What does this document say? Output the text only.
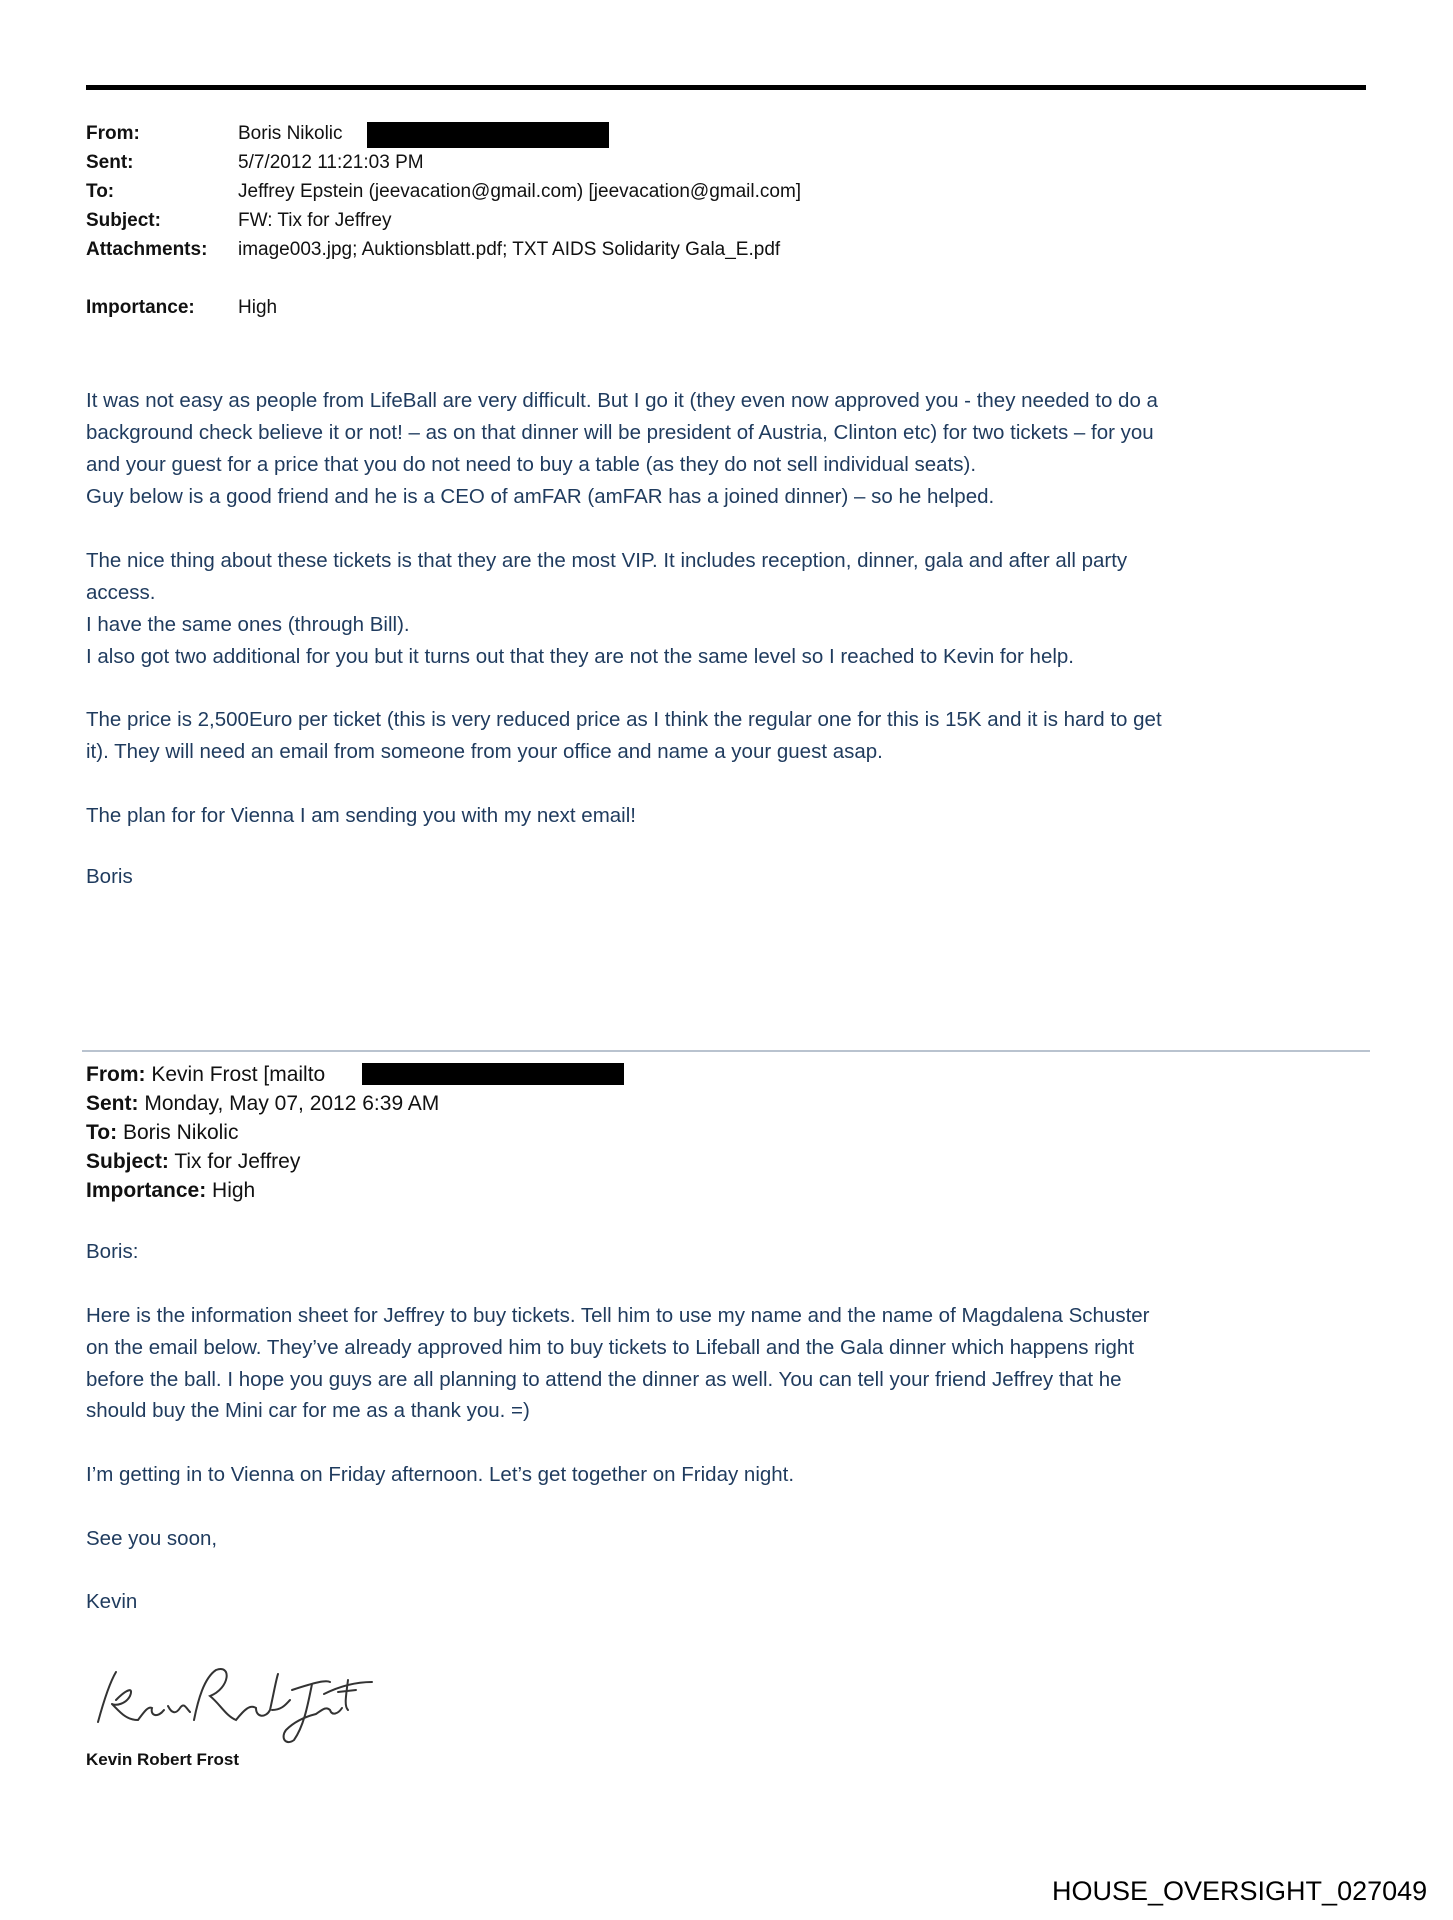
From:	Boris Nikolic
Sent:	5/7/2012 11:21:03 PM
To:	Jeffrey Epstein (jeevacation@gmail.com) [jeevacation@gmail.com]
Subject:	FW: Tix for Jeffrey
Attachments: image003.jpg; Auktionsblatt.pdf; TXT AIDS Solidarity Gala_E.pdf
Importance: High
It was not easy as people from LifeBall are very difficult. But I go it (they even now approved you - they needed to do a
background check believe it or not! – as on that dinner will be president of Austria, Clinton etc) for two tickets – for you
and your guest for a price that you do not need to buy a table (as they do not sell individual seats).
Guy below is a good friend and he is a CEO of amFAR (amFAR has a joined dinner) – so he helped.
The nice thing about these tickets is that they are the most VIP. It includes reception, dinner, gala and after all party
access.
I have the same ones (through Bill).
I also got two additional for you but it turns out that they are not the same level so I reached to Kevin for help.
The price is 2,500Euro per ticket (this is very reduced price as I think the regular one for this is 15K and it is hard to get
it). They will need an email from someone from your office and name a your guest asap.
The plan for for Vienna I am sending you with my next email!
Boris
From: Kevin Frost [mailto
Sent: Monday, May 07, 2012 6:39 AM
To: Boris Nikolic
Subject: Tix for Jeffrey
Importance: High
Boris:
Here is the information sheet for Jeffrey to buy tickets. Tell him to use my name and the name of Magdalena Schuster
on the email below. They’ve already approved him to buy tickets to Lifeball and the Gala dinner which happens right
before the ball. I hope you guys are all planning to attend the dinner as well. You can tell your friend Jeffrey that he
should buy the Mini car for me as a thank you. =)
I’m getting in to Vienna on Friday afternoon. Let’s get together on Friday night.
See you soon,
Kevin
Kevin Robert Frost
HOUSE_OVERSIGHT_027049
